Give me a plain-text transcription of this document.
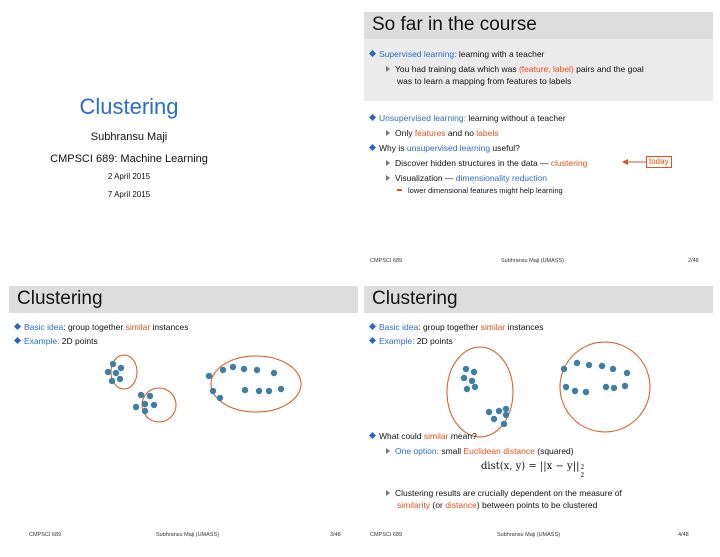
Clustering
Subhransu Maji
CMPSCI 689: Machine Learning
2 April 2015
7 April 2015
So far in the course
Supervised learning: learning with a teacher
You had training data which was (feature, label) pairs and the goal
was to learn a mapping from features to labels
Unsupervised learning: learning without a teacher
Only features and no labels
Why is unsupervised learning useful?
Discover hidden structures in the data — clustering	today
Visualization — dimensionality reduction
lower dimensional features might help learning
CMPSCI 689	Subhransu Maji (UMASS)	2/48
Clustering
Basic idea: group together similar instances
Example: 2D points
CMPSCI 689	Subhransu Maji (UMASS)	3/48
Clustering
Basic idea: group together similar instances
Example: 2D points
What could similar mean?
One option: small Euclidean distance (squared)
dist(x, y) = ||x − y|| 2
2
Clustering results are crucially dependent on the measure of
similarity (or distance) between points to be clustered
CMPSCI 689	Subhransu Maji (UMASS)	4/48
